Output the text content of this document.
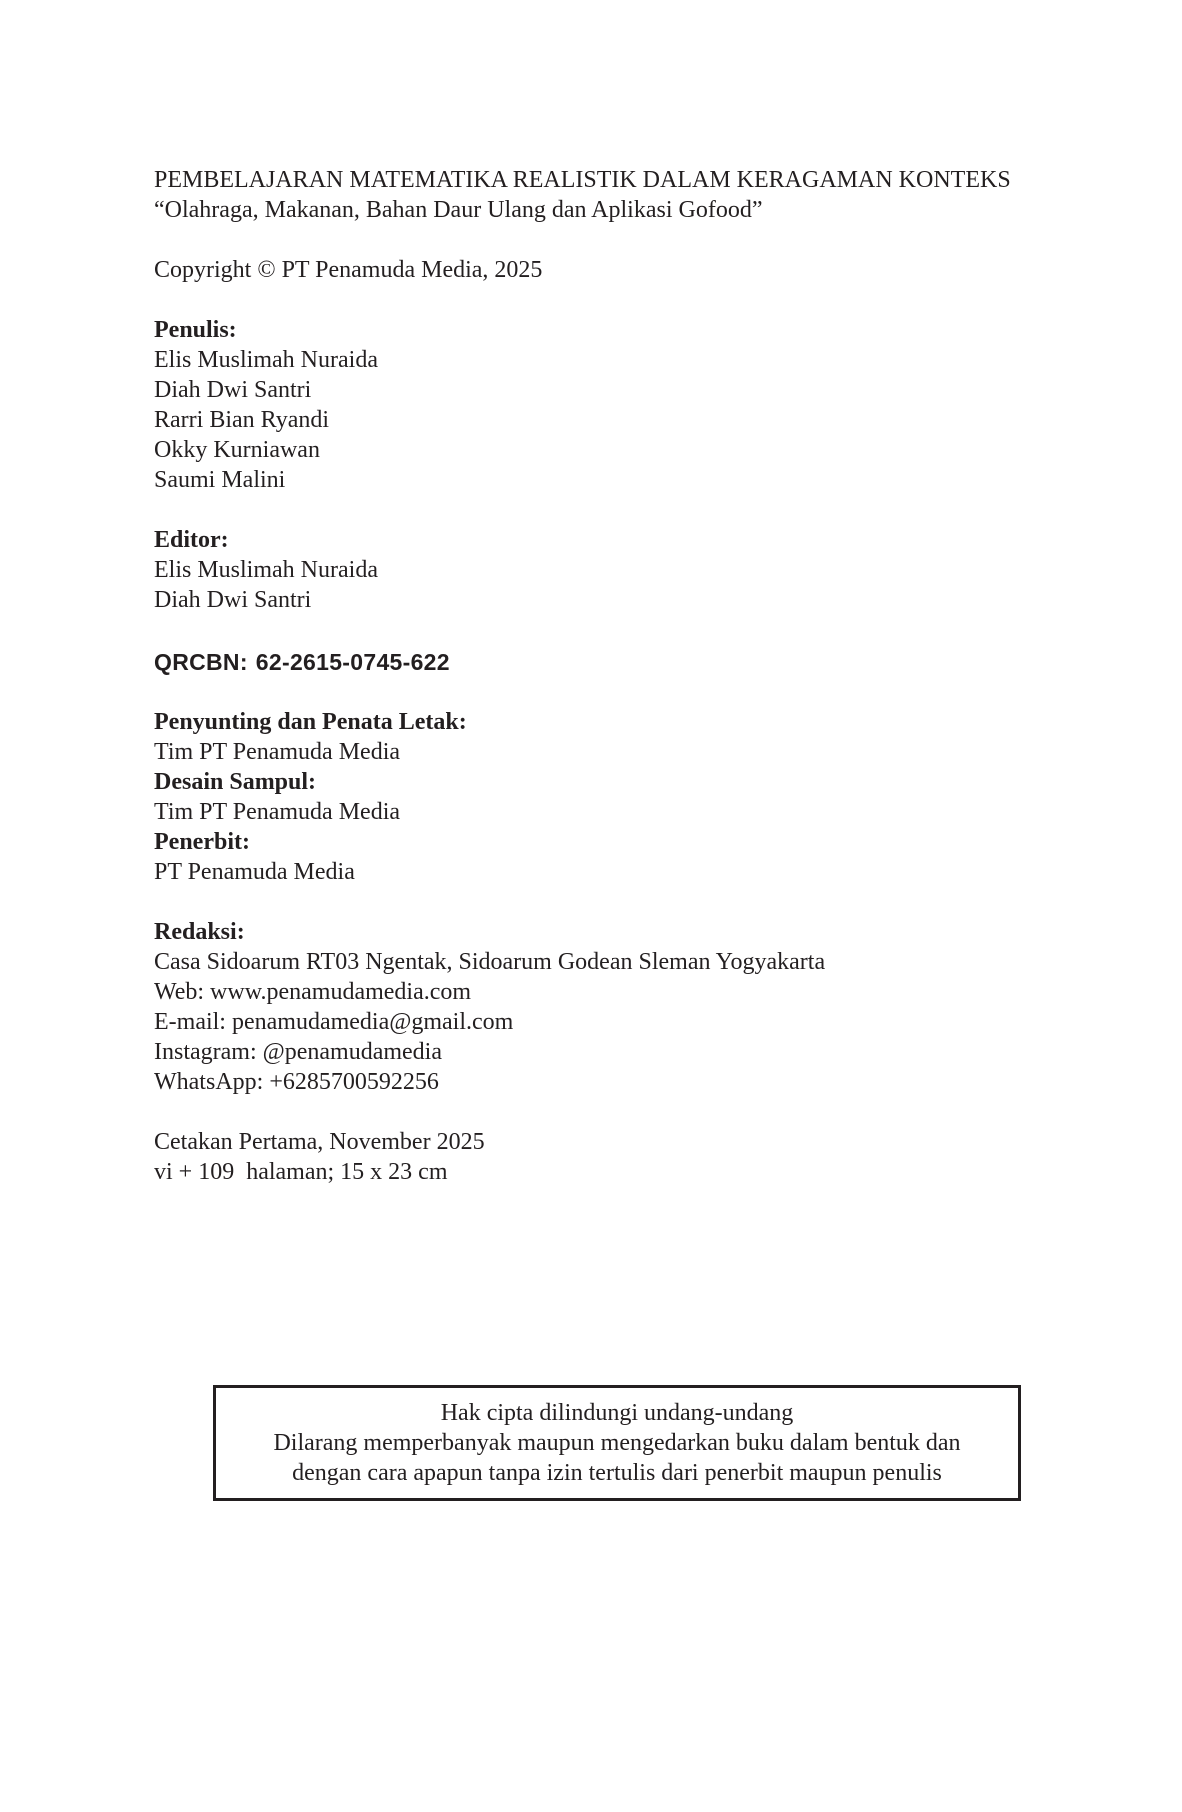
PEMBELAJARAN MATEMATIKA REALISTIK DALAM KERAGAMAN KONTEKS
“Olahraga, Makanan, Bahan Daur Ulang dan Aplikasi Gofood”
Copyright © PT Penamuda Media, 2025
Penulis:
Elis Muslimah Nuraida
Diah Dwi Santri
Rarri Bian Ryandi
Okky Kurniawan
Saumi Malini
Editor:
Elis Muslimah Nuraida
Diah Dwi Santri
QRCBN: 62-2615-0745-622
Penyunting dan Penata Letak:
Tim PT Penamuda Media
Desain Sampul:
Tim PT Penamuda Media
Penerbit:
PT Penamuda Media
Redaksi:
Casa Sidoarum RT03 Ngentak, Sidoarum Godean Sleman Yogyakarta
Web: www.penamudamedia.com
E-mail: penamudamedia@gmail.com
Instagram: @penamudamedia
WhatsApp: +6285700592256
Cetakan Pertama, November 2025
vi + 109  halaman; 15 x 23 cm
Hak cipta dilindungi undang-undang
Dilarang memperbanyak maupun mengedarkan buku dalam bentuk dan
dengan cara apapun tanpa izin tertulis dari penerbit maupun penulis
